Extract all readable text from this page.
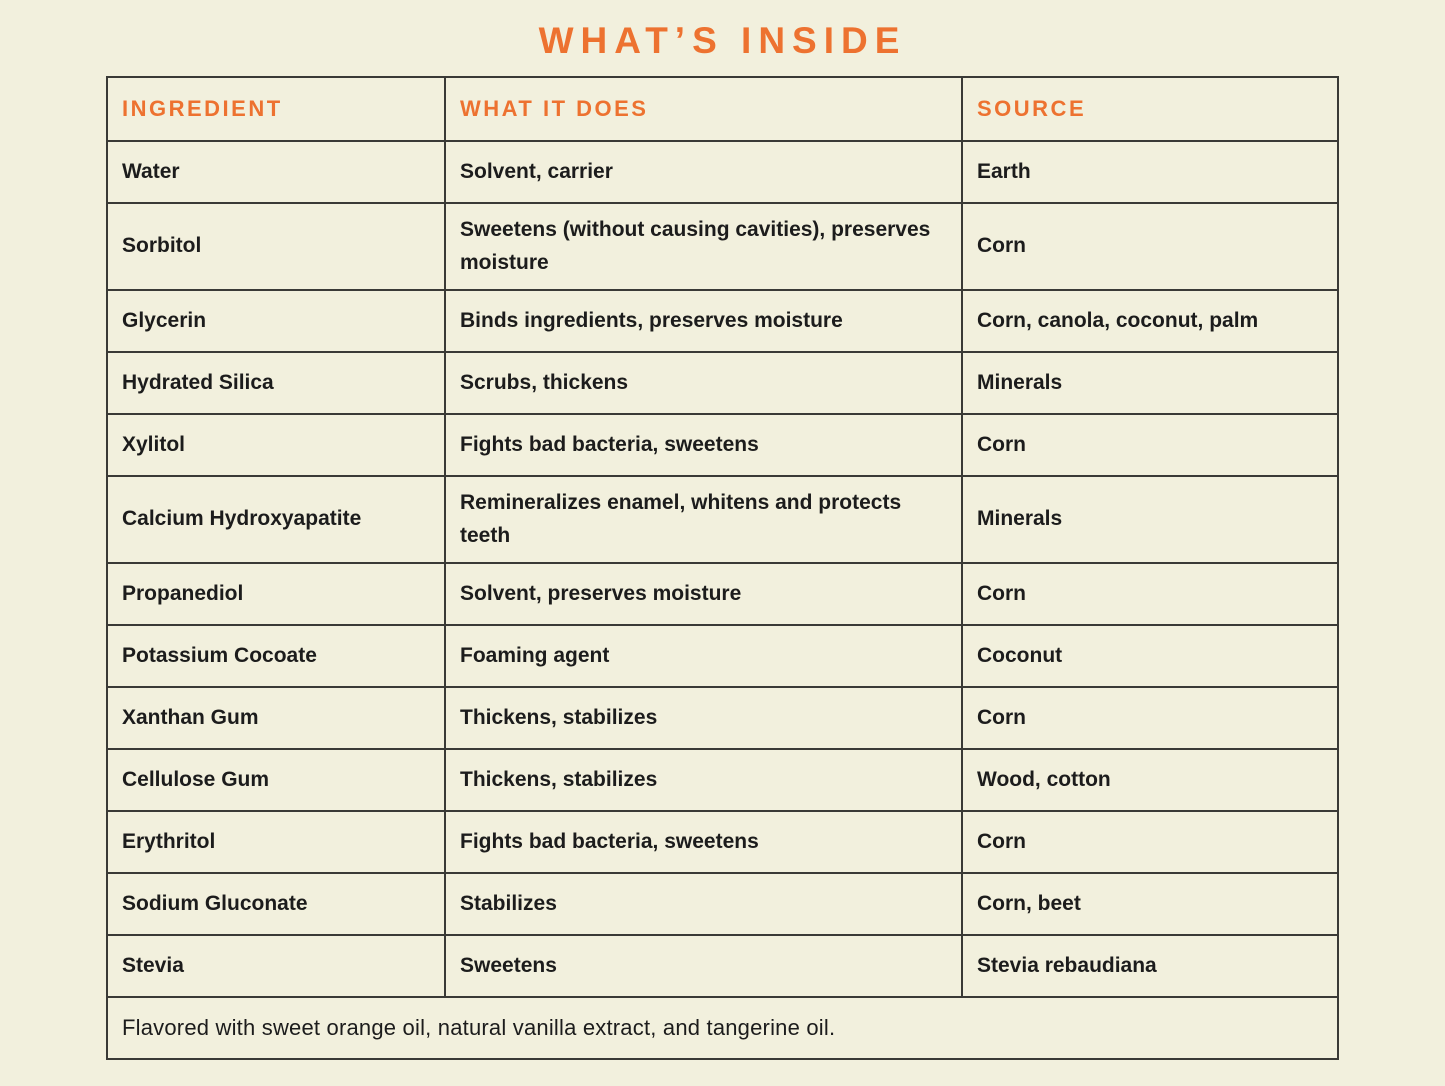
WHAT’S INSIDE
INGREDIENT	WHAT IT DOES	SOURCE
Water	Solvent, carrier	Earth
Sorbitol	Sweetens (without causing cavities), preserves moisture	Corn
Glycerin	Binds ingredients, preserves moisture	Corn, canola, coconut, palm
Hydrated Silica	Scrubs, thickens	Minerals
Xylitol	Fights bad bacteria, sweetens	Corn
Calcium Hydroxyapatite	Remineralizes enamel, whitens and protects teeth	Minerals
Propanediol	Solvent, preserves moisture	Corn
Potassium Cocoate	Foaming agent	Coconut
Xanthan Gum	Thickens, stabilizes	Corn
Cellulose Gum	Thickens, stabilizes	Wood, cotton
Erythritol	Fights bad bacteria, sweetens	Corn
Sodium Gluconate	Stabilizes	Corn, beet
Stevia	Sweetens	Stevia rebaudiana
Flavored with sweet orange oil, natural vanilla extract, and tangerine oil.		
